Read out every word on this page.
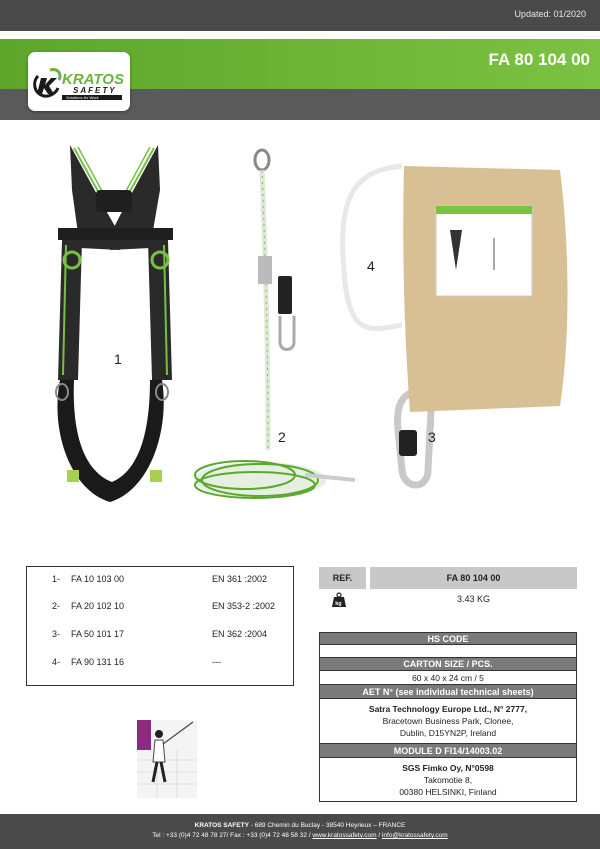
Updated: 01/2020
FA 80 104 00
KRATOS
SAFETY
Solutions for Work
1
2	3
4
1- FA 10 103 00	EN 361 :2002
2- FA 20 102 10	EN 353-2 :2002
3- FA 50 101 17	EN 362 :2004
4- FA 90 131 16	---
REF.	FA 80 104 00
kg	3.43 KG
HS CODE
CARTON SIZE / PCS.
60 x 40 x 24 cm / 5
AET N° (see individual technical sheets)
Satra Technology Europe Ltd., N° 2777,
Bracetown Business Park, Clonee,
Dublin, D15YN2P, Ireland
MODULE D FI14/14003.02
SGS Fimko Oy, N°0598
Takomotie 8,
00380 HELSINKI, Finland
KRATOS SAFETY - 689 Chemin du Buclay - 38540 Heyrieux – FRANCE
Tel : +33 (0)4 72 48 78 27/ Fax : +33 (0)4 72 48 58 32 / www.kratossafety.com / info@kratossafety.com
